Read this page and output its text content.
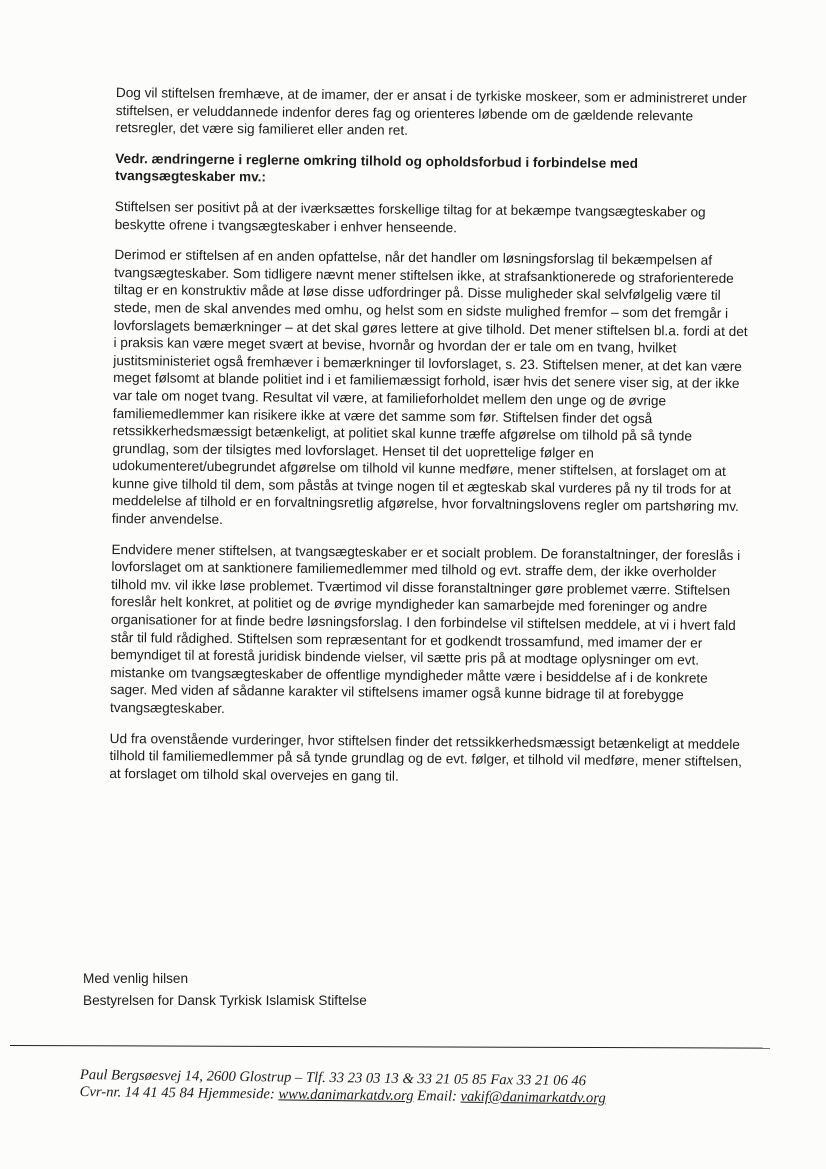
Dog vil stiftelsen fremhæve, at de imamer, der er ansat i de tyrkiske moskeer, som er administreret under stiftelsen, er veluddannede indenfor deres fag og orienteres løbende om de gældende relevante retsregler, det være sig familieret eller anden ret.

Vedr. ændringerne i reglerne omkring tilhold og opholdsforbud i forbindelse med tvangsægteskaber mv.:

Stiftelsen ser positivt på at der iværksættes forskellige tiltag for at bekæmpe tvangsægteskaber og beskytte ofrene i tvangsægteskaber i enhver henseende.

Derimod er stiftelsen af en anden opfattelse, når det handler om løsningsforslag til bekæmpelsen af tvangsægteskaber. Som tidligere nævnt mener stiftelsen ikke, at strafsanktionerede og straforienterede tiltag er en konstruktiv måde at løse disse udfordringer på. Disse muligheder skal selvfølgelig være til stede, men de skal anvendes med omhu, og helst som en sidste mulighed fremfor – som det fremgår i lovforslagets bemærkninger – at det skal gøres lettere at give tilhold. Det mener stiftelsen bl.a. fordi at det i praksis kan være meget svært at bevise, hvornår og hvordan der er tale om en tvang, hvilket justitsministeriet også fremhæver i bemærkninger til lovforslaget, s. 23. Stiftelsen mener, at det kan være meget følsomt at blande politiet ind i et familiemæssigt forhold, især hvis det senere viser sig, at der ikke var tale om noget tvang. Resultat vil være, at familieforholdet mellem den unge og de øvrige familiemedlemmer kan risikere ikke at være det samme som før. Stiftelsen finder det også retssikkerhedsmæssigt betænkeligt, at politiet skal kunne træffe afgørelse om tilhold på så tynde grundlag, som der tilsigtes med lovforslaget. Henset til det uoprettelige følger en udokumenteret/ubegrundet afgørelse om tilhold vil kunne medføre, mener stiftelsen, at forslaget om at kunne give tilhold til dem, som påstås at tvinge nogen til et ægteskab skal vurderes på ny til trods for at meddelelse af tilhold er en forvaltningsretlig afgørelse, hvor forvaltningslovens regler om partshøring mv. finder anvendelse.

Endvidere mener stiftelsen, at tvangsægteskaber er et socialt problem. De foranstaltninger, der foreslås i lovforslaget om at sanktionere familiemedlemmer med tilhold og evt. straffe dem, der ikke overholder tilhold mv. vil ikke løse problemet. Tværtimod vil disse foranstaltninger gøre problemet værre. Stiftelsen foreslår helt konkret, at politiet og de øvrige myndigheder kan samarbejde med foreninger og andre organisationer for at finde bedre løsningsforslag. I den forbindelse vil stiftelsen meddele, at vi i hvert fald står til fuld rådighed. Stiftelsen som repræsentant for et godkendt trossamfund, med imamer der er bemyndiget til at forestå juridisk bindende vielser, vil sætte pris på at modtage oplysninger om evt. mistanke om tvangsægteskaber de offentlige myndigheder måtte være i besiddelse af i de konkrete sager. Med viden af sådanne karakter vil stiftelsens imamer også kunne bidrage til at forebygge tvangsægteskaber.

Ud fra ovenstående vurderinger, hvor stiftelsen finder det retssikkerhedsmæssigt betænkeligt at meddele tilhold til familiemedlemmer på så tynde grundlag og de evt. følger, et tilhold vil medføre, mener stiftelsen, at forslaget om tilhold skal overvejes en gang til.

Med venlig hilsen
Bestyrelsen for Dansk Tyrkisk Islamisk Stiftelse
Paul Bergsøesvej 14, 2600 Glostrup – Tlf. 33 23 03 13 & 33 21 05 85 Fax 33 21 06 46
Cvr-nr. 14 41 45 84 Hjemmeside: www.danimarkatdv.org Email: vakif@danimarkatdv.org
